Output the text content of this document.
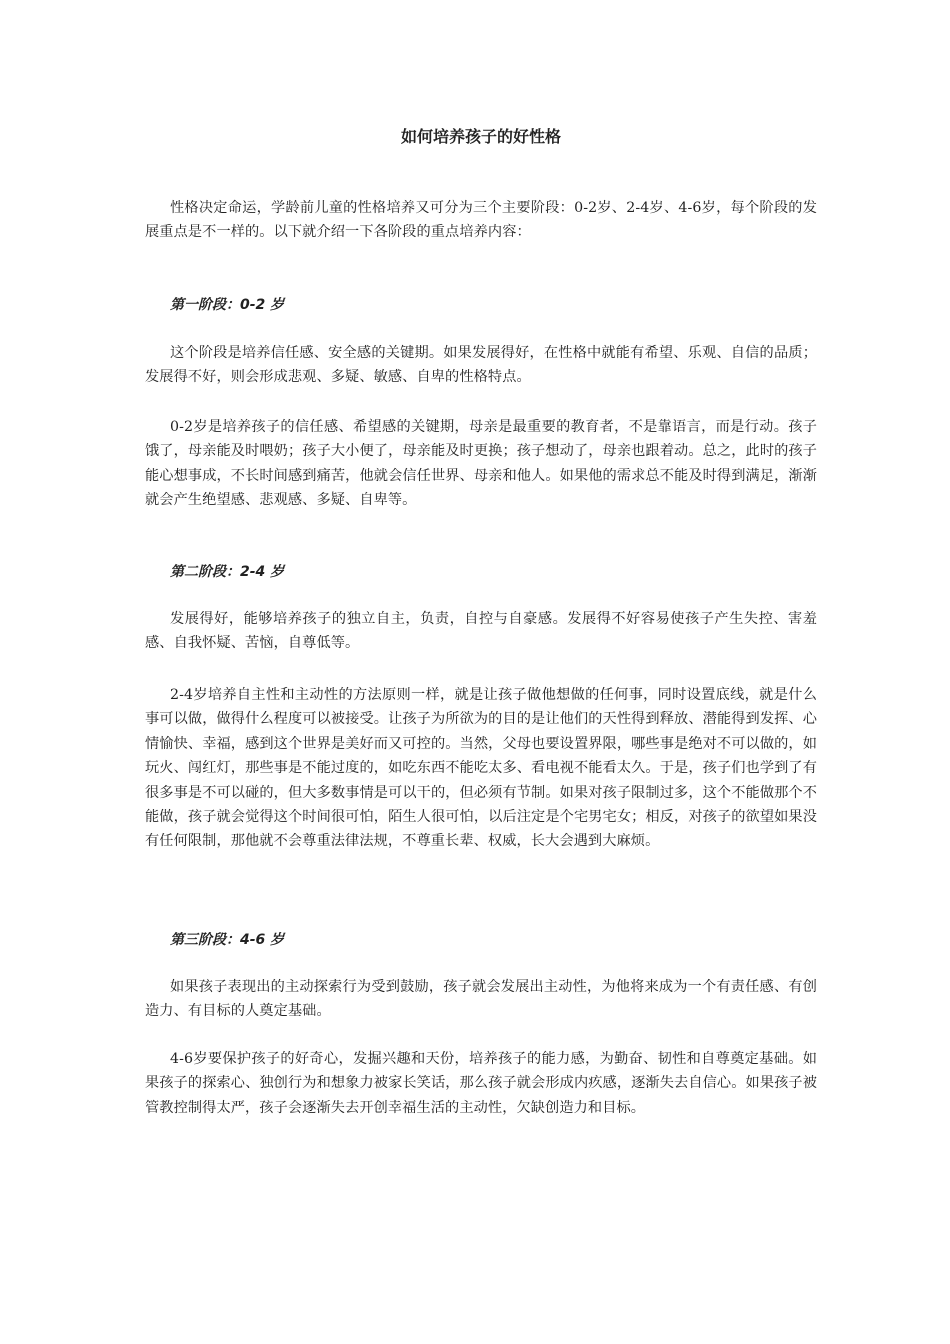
如何培养孩子的好性格

性格决定命运，学龄前儿童的性格培养又可分为三个主要阶段：0-2岁、2-4岁、4-6岁，每个阶段的发展重点是不一样的。以下就介绍一下各阶段的重点培养内容：

第一阶段：0-2 岁

这个阶段是培养信任感、安全感的关键期。如果发展得好，在性格中就能有希望、乐观、自信的品质；发展得不好，则会形成悲观、多疑、敏感、自卑的性格特点。

0-2岁是培养孩子的信任感、希望感的关键期，母亲是最重要的教育者，不是靠语言，而是行动。孩子饿了，母亲能及时喂奶；孩子大小便了，母亲能及时更换；孩子想动了，母亲也跟着动。总之，此时的孩子能心想事成，不长时间感到痛苦，他就会信任世界、母亲和他人。如果他的需求总不能及时得到满足，渐渐就会产生绝望感、悲观感、多疑、自卑等。

第二阶段：2-4 岁

发展得好，能够培养孩子的独立自主，负责，自控与自豪感。发展得不好容易使孩子产生失控、害羞感、自我怀疑、苦恼，自尊低等。

2-4岁培养自主性和主动性的方法原则一样，就是让孩子做他想做的任何事，同时设置底线，就是什么事可以做，做得什么程度可以被接受。让孩子为所欲为的目的是让他们的天性得到释放、潜能得到发挥、心情愉快、幸福，感到这个世界是美好而又可控的。当然，父母也要设置界限，哪些事是绝对不可以做的，如玩火、闯红灯，那些事是不能过度的，如吃东西不能吃太多、看电视不能看太久。于是，孩子们也学到了有很多事是不可以碰的，但大多数事情是可以干的，但必须有节制。如果对孩子限制过多，这个不能做那个不能做，孩子就会觉得这个时间很可怕，陌生人很可怕，以后注定是个宅男宅女；相反，对孩子的欲望如果没有任何限制，那他就不会尊重法律法规，不尊重长辈、权威，长大会遇到大麻烦。

第三阶段：4-6 岁

如果孩子表现出的主动探索行为受到鼓励，孩子就会发展出主动性，为他将来成为一个有责任感、有创造力、有目标的人奠定基础。

4-6岁要保护孩子的好奇心，发掘兴趣和天份，培养孩子的能力感，为勤奋、韧性和自尊奠定基础。如果孩子的探索心、独创行为和想象力被家长笑话，那么孩子就会形成内疚感，逐渐失去自信心。如果孩子被管教控制得太严，孩子会逐渐失去开创幸福生活的主动性，欠缺创造力和目标。
